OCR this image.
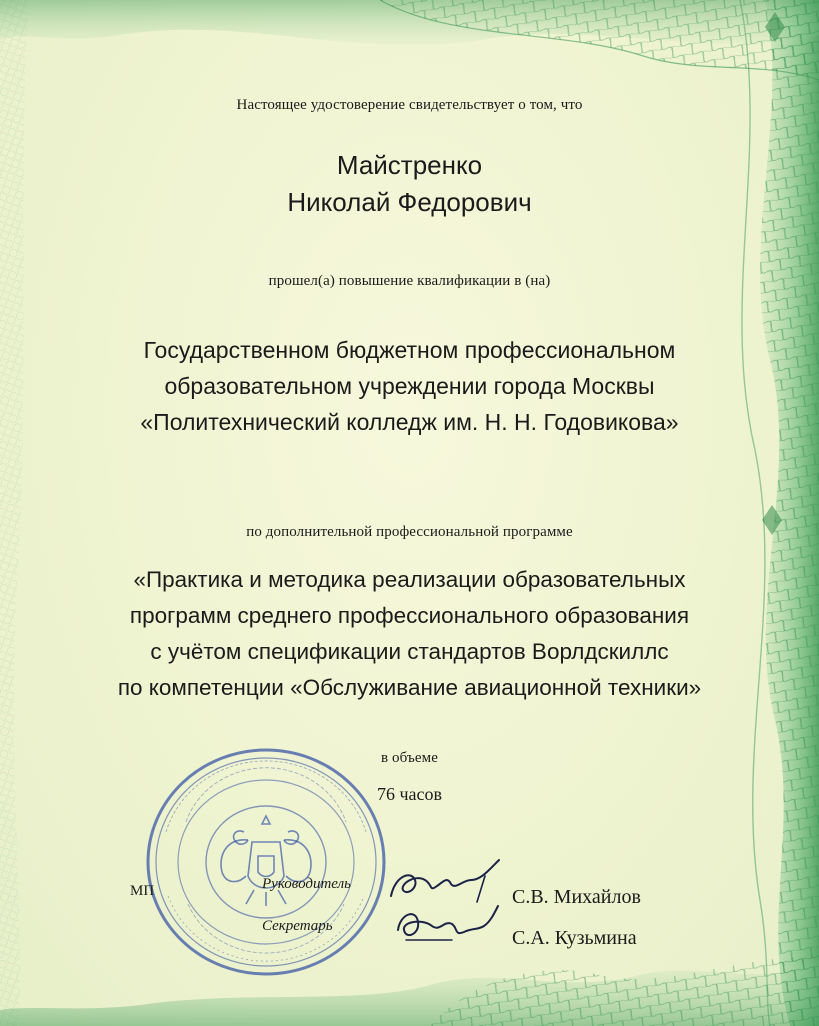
Настоящее удостоверение свидетельствует о том, что
Майстренко
Николай Федорович
прошел(а) повышение квалификации в (на)
Государственном бюджетном профессиональном
образовательном учреждении города Москвы
«Политехнический колледж им. Н. Н. Годовикова»
по дополнительной профессиональной программе
«Практика и методика реализации образовательных
программ среднего профессионального образования
с учётом спецификации стандартов Ворлдскиллс
по компетенции «Обслуживание авиационной техники»
в объеме
76 часов
МП	Руководитель
Секретарь
С.В. Михайлов
С.А. Кузьмина
